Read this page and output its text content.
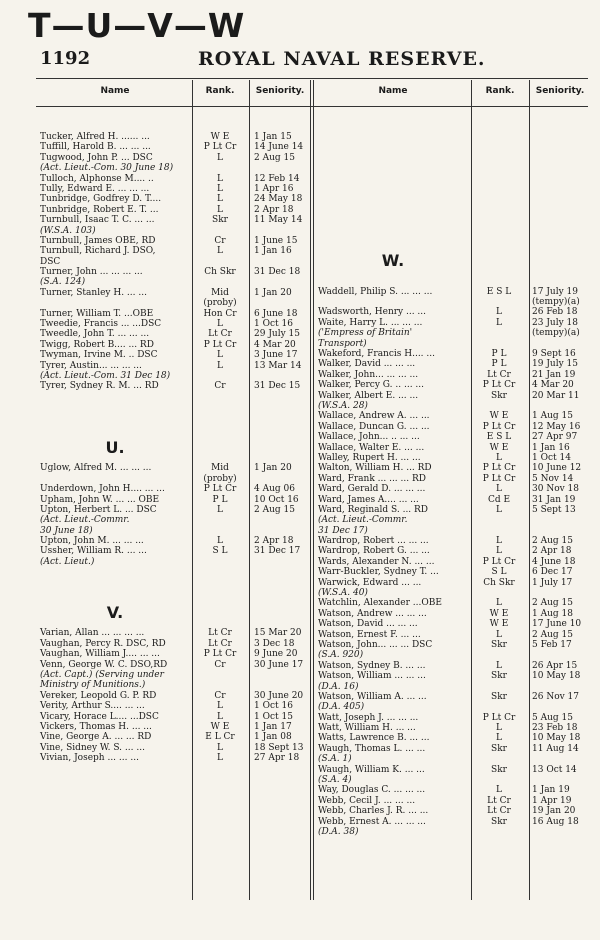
T—U—V—W
1192	ROYAL NAVAL RESERVE.
Name	Rank.	Seniority.	Name	Rank.	Seniority.
Tucker, Alfred H. ...... ...	W E	1 Jan 15
Tuffill, Harold B. ... ... ...	P Lt Cr	14 June 14
Tugwood, John P. ... DSC	L	2 Aug 15
(Act. Lieut.-Com. 30 June 18)
Tulloch, Alphonse M.... ..	L	12 Feb 14
Tully, Edward E. ... ... ...	L	1 Apr 16
Tunbridge, Godfrey D. T....	L	24 May 18
Tunbridge, Robert E. T. ...	L	2 Apr 18
Turnbull, Isaac T. C. ... ...	Skr	11 May 14
(W.S.A. 103)
Turnbull, James OBE, RD	Cr	1 June 15
Turnbull, Richard J. DSO,	L	1 Jan 16
DSC
Turner, John ... ... ... ...	Ch Skr	31 Dec 18
(S.A. 124)
Turner, Stanley H. ... ...	Mid	1 Jan 20
(proby)
Turner, William T. ...OBE	Hon Cr	6 June 18
Tweedie, Francis ... ...DSC	L	1 Oct 16
Tweedle, John T. ... ... ...	Lt Cr	29 July 15
Twigg, Robert B.... ... RD	P Lt Cr	4 Mar 20
Twyman, Irvine M. .. DSC	L	3 June 17
Tyrer, Austin... ... ... ...	L	13 Mar 14
(Act. Lieut.-Com. 31 Dec 18)
Tyrer, Sydney R. M. ... RD	Cr	31 Dec 15
U.
Uglow, Alfred M. ... ... ...	Mid	1 Jan 20
(proby)
Underdown, John H.... ... ...	P Lt Cr	4 Aug 06
Upham, John W. ... ... OBE	P L	10 Oct 16
Upton, Herbert L. ... DSC	L	2 Aug 15
(Act. Lieut.-Commr.
30 June 18)
Upton, John M. ... ... ...	L	2 Apr 18
Ussher, William R. ... ...	S L	31 Dec 17
(Act. Lieut.)
V.
Varian, Allan ... ... ... ...	Lt Cr	15 Mar 20
Vaughan, Percy R. DSC, RD	Lt Cr	3 Dec 18
Vaughan, William J.... ... ...	P Lt Cr	9 June 20
Venn, George W. C. DSO,RD	Cr	30 June 17
(Act. Capt.) (Serving under
Ministry of Munitions.)
Vereker, Leopold G. P. RD	Cr	30 June 20
Verity, Arthur S.... ... ...	L	1 Oct 16
Vicary, Horace L.... ...DSC	L	1 Oct 15
Vickers, Thomas H. ... ...	W E	1 Jan 17
Vine, George A. ... ... RD	E L Cr	1 Jan 08
Vine, Sidney W. S. ... ...	L	18 Sept 13
Vivian, Joseph ... ... ...	L	27 Apr 18
W.
Waddell, Philip S. ... ... ...	E S L	17 July 19
(tempy)(a)
Wadsworth, Henry ... ...	L	26 Feb 18
Waite, Harry L. ... ... ...	L	23 July 18
('Empress of Britain'	(tempy)(a)
Transport)
Wakeford, Francis H.... ...	P L	9 Sept 16
Walker, David ... ... ...	P L	19 July 15
Walker, John... ... ... ...	Lt Cr	21 Jan 19
Walker, Percy G. .. ... ...	P Lt Cr	4 Mar 20
Walker, Albert E. ... ...	Skr	20 Mar 11
(W.S.A. 28)
Wallace, Andrew A. ... ...	W E	1 Aug 15
Wallace, Duncan G. ... ...	P Lt Cr	12 May 16
Wallace, John... .. ... ...	E S L	27 Apr 97
Wallace, Walter E. ... ...	W E	1 Jan 16
Walley, Rupert H. ... ...	L	1 Oct 14
Walton, William H. ... RD	P Lt Cr	10 June 12
Ward, Frank ... ... ... RD	P Lt Cr	5 Nov 14
Ward, Gerald D. ... ... ...	L	30 Nov 18
Ward, James A.... ... ...	Cd E	31 Jan 19
Ward, Reginald S. ... RD	L	5 Sept 13
(Act. Lieut.-Commr.
31 Dec 17)
Wardrop, Robert ... ... ...	L	2 Aug 15
Wardrop, Robert G. ... ...	L	2 Apr 18
Wards, Alexander N. ... ...	P Lt Cr	4 June 18
Warr-Buckler, Sydney T. ...	S L	6 Dec 17
Warwick, Edward ... ...	Ch Skr	1 July 17
(W.S.A. 40)
Watchlin, Alexander ...OBE	L	2 Aug 15
Watson, Andrew ... ... ...	W E	1 Aug 18
Watson, David ... ... ...	W E	17 June 10
Watson, Ernest F. ... ...	L	2 Aug 15
Watson, John... ... ... DSC	Skr	5 Feb 17
(S.A. 920)
Watson, Sydney B. ... ...	L	26 Apr 15
Watson, William ... ... ...	Skr	10 May 18
(D.A. 16)
Watson, William A. ... ...	Skr	26 Nov 17
(D.A. 405)
Watt, Joseph J. ... ... ...	P Lt Cr	5 Aug 15
Watt, William H. ... ...	L	23 Feb 18
Watts, Lawrence B. ... ...	L	10 May 18
Waugh, Thomas L. ... ...	Skr	11 Aug 14
(S.A. 1)
Waugh, William K. ... ...	Skr	13 Oct 14
(S.A. 4)
Way, Douglas C. ... ... ...	L	1 Jan 19
Webb, Cecil J. ... ... ...	Lt Cr	1 Apr 19
Webb, Charles J. R. ... ...	Lt Cr	19 Jan 20
Webb, Ernest A. ... ... ...	Skr	16 Aug 18
(D.A. 38)
